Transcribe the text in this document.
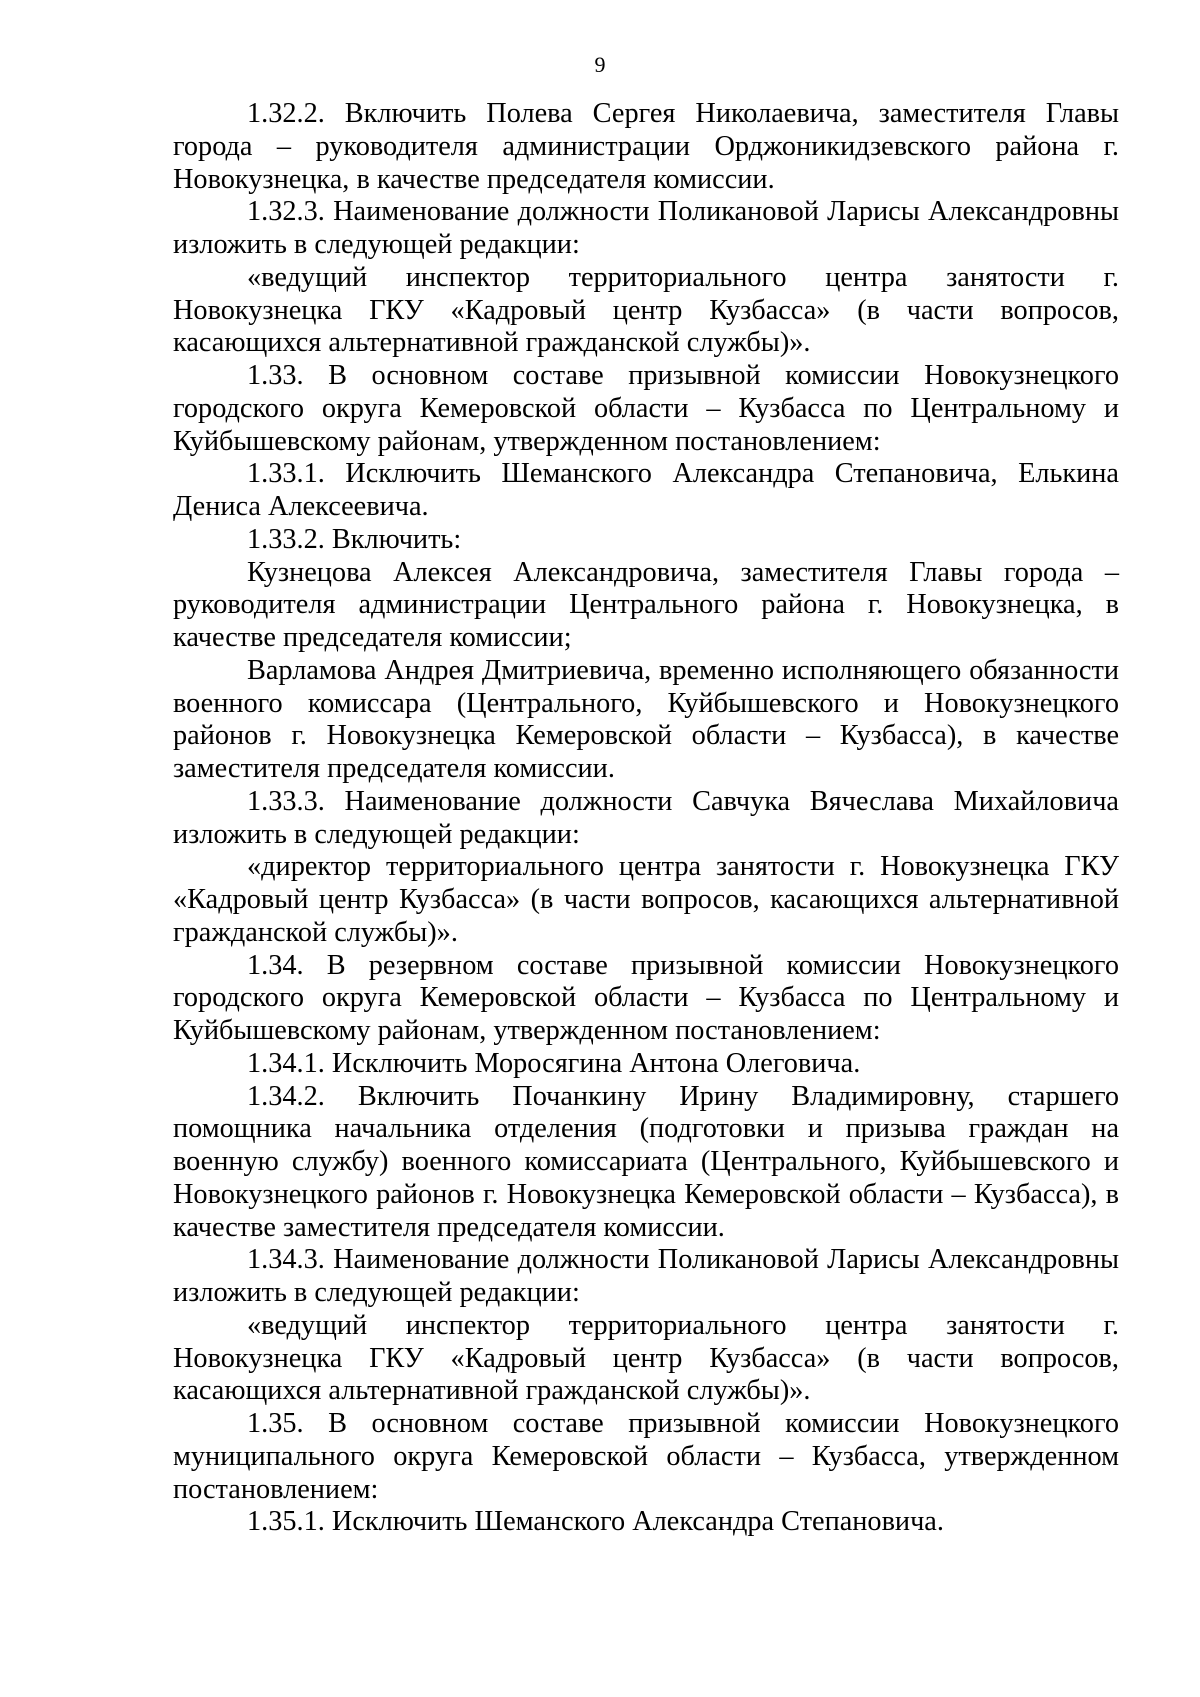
9

1.32.2. Включить Полева Сергея Николаевича, заместителя Главы города – руководителя администрации Орджоникидзевского района г. Новокузнецка, в качестве председателя комиссии.

1.32.3. Наименование должности Поликановой Ларисы Александровны изложить в следующей редакции:

«ведущий инспектор территориального центра занятости г. Новокузнецка ГКУ «Кадровый центр Кузбасса» (в части вопросов, касающихся альтернативной гражданской службы)».

1.33. В основном составе призывной комиссии Новокузнецкого городского округа Кемеровской области – Кузбасса по Центральному и Куйбышевскому районам, утвержденном постановлением:

1.33.1. Исключить Шеманского Александра Степановича, Елькина Дениса Алексеевича.

1.33.2. Включить:

Кузнецова Алексея Александровича, заместителя Главы города – руководителя администрации Центрального района г. Новокузнецка, в качестве председателя комиссии;

Варламова Андрея Дмитриевича, временно исполняющего обязанности военного комиссара (Центрального, Куйбышевского и Новокузнецкого районов г. Новокузнецка Кемеровской области – Кузбасса), в качестве заместителя председателя комиссии.

1.33.3. Наименование должности Савчука Вячеслава Михайловича изложить в следующей редакции:

«директор территориального центра занятости г. Новокузнецка ГКУ «Кадровый центр Кузбасса» (в части вопросов, касающихся альтернативной гражданской службы)».

1.34. В резервном составе призывной комиссии Новокузнецкого городского округа Кемеровской области – Кузбасса по Центральному и Куйбышевскому районам, утвержденном постановлением:

1.34.1. Исключить Моросягина Антона Олеговича.

1.34.2. Включить Почанкину Ирину Владимировну, старшего помощника начальника отделения (подготовки и призыва граждан на военную службу) военного комиссариата (Центрального, Куйбышевского и Новокузнецкого районов г. Новокузнецка Кемеровской области – Кузбасса), в качестве заместителя председателя комиссии.

1.34.3. Наименование должности Поликановой Ларисы Александровны изложить в следующей редакции:

«ведущий инспектор территориального центра занятости г. Новокузнецка ГКУ «Кадровый центр Кузбасса» (в части вопросов, касающихся альтернативной гражданской службы)».

1.35. В основном составе призывной комиссии Новокузнецкого муниципального округа Кемеровской области – Кузбасса, утвержденном постановлением:

1.35.1. Исключить Шеманского Александра Степановича.
